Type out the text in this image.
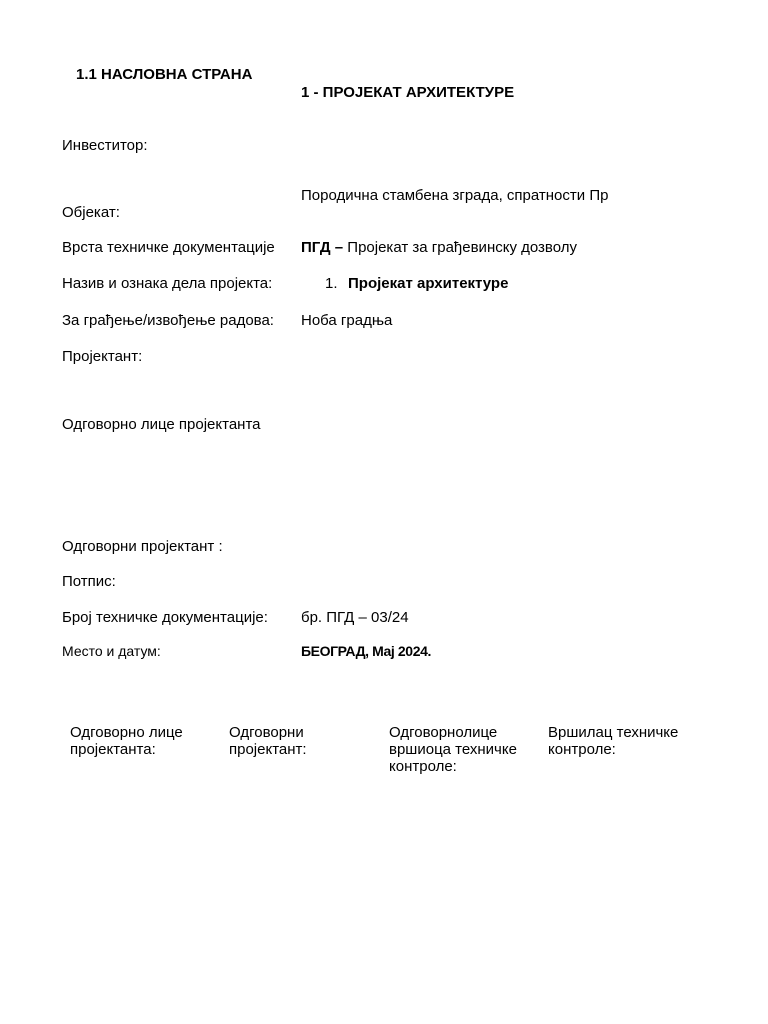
1.1 НАСЛОВНА СТРАНА
1 - ПРОЈЕКАТ АРХИТЕКТУРЕ
Инвеститор:
Породична стамбена зграда, спратности Пр
Објекат:
Врста техничке документације ПГД – Пројекат за грађевинску дозволу
Назив и ознака дела пројекта:	1. Пројекат архитектуре
За грађење/извођење радова: Ноба градња
Пројектант:
Одговорно лице пројектанта
Одговорни пројектант :
Потпис:
Број техничке документације: бр. ПГД – 03/24
Место и датум:	БЕОГРАД, Мај 2024.
Одговорно лице
пројектанта:
Одговорни
пројектант:
Одговорнолице
вршиоца техничке
контроле:
Вршилац техничке
контроле:
